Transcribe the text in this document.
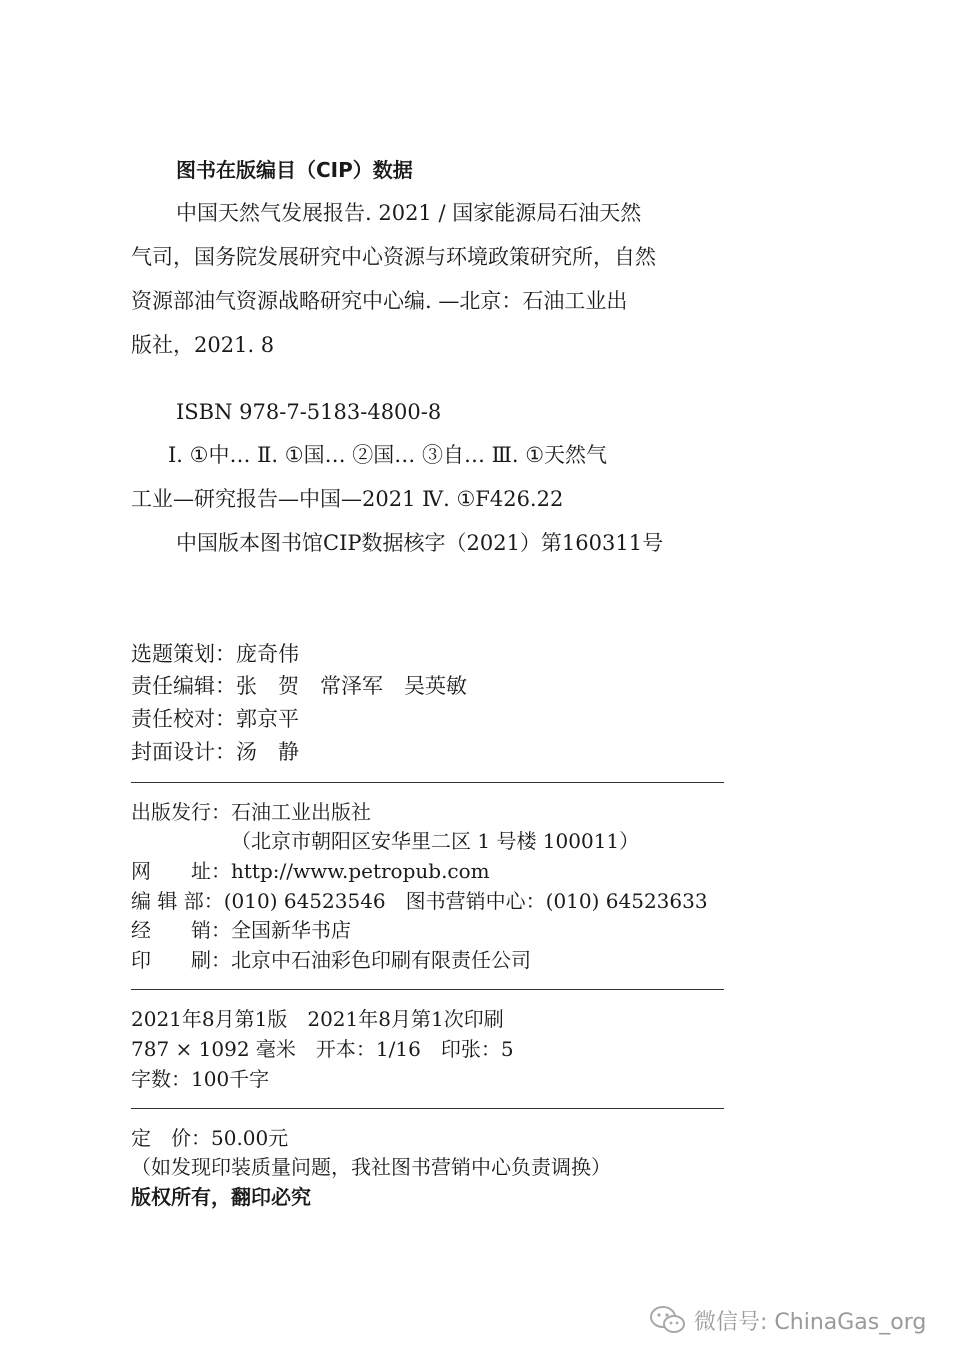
图书在版编目（CIP）数据
中国天然气发展报告. 2021 / 国家能源局石油天然
气司，国务院发展研究中心资源与环境政策研究所，自然
资源部油气资源战略研究中心编. —北京：石油工业出
版社，2021. 8
ISBN 978-7-5183-4800-8
Ⅰ. ①中… Ⅱ. ①国… ②国… ③自… Ⅲ. ①天然气
工业—研究报告—中国—2021 Ⅳ. ①F426.22
中国版本图书馆CIP数据核字（2021）第160311号
选题策划：庞奇伟
责任编辑：张　贺　常泽军　吴英敏
责任校对：郭京平
封面设计：汤　静
出版发行：石油工业出版社
（北京市朝阳区安华里二区 1 号楼 100011）
网　　址：http://www.petropub.com
编 辑 部：(010) 64523546　图书营销中心：(010) 64523633
经　　销：全国新华书店
印　　刷：北京中石油彩色印刷有限责任公司
2021年8月第1版　2021年8月第1次印刷
787 × 1092 毫米　开本：1/16　印张：5
字数：100千字
定　价：50.00元
（如发现印装质量问题，我社图书营销中心负责调换）
版权所有，翻印必究
微信号: ChinaGas_org
